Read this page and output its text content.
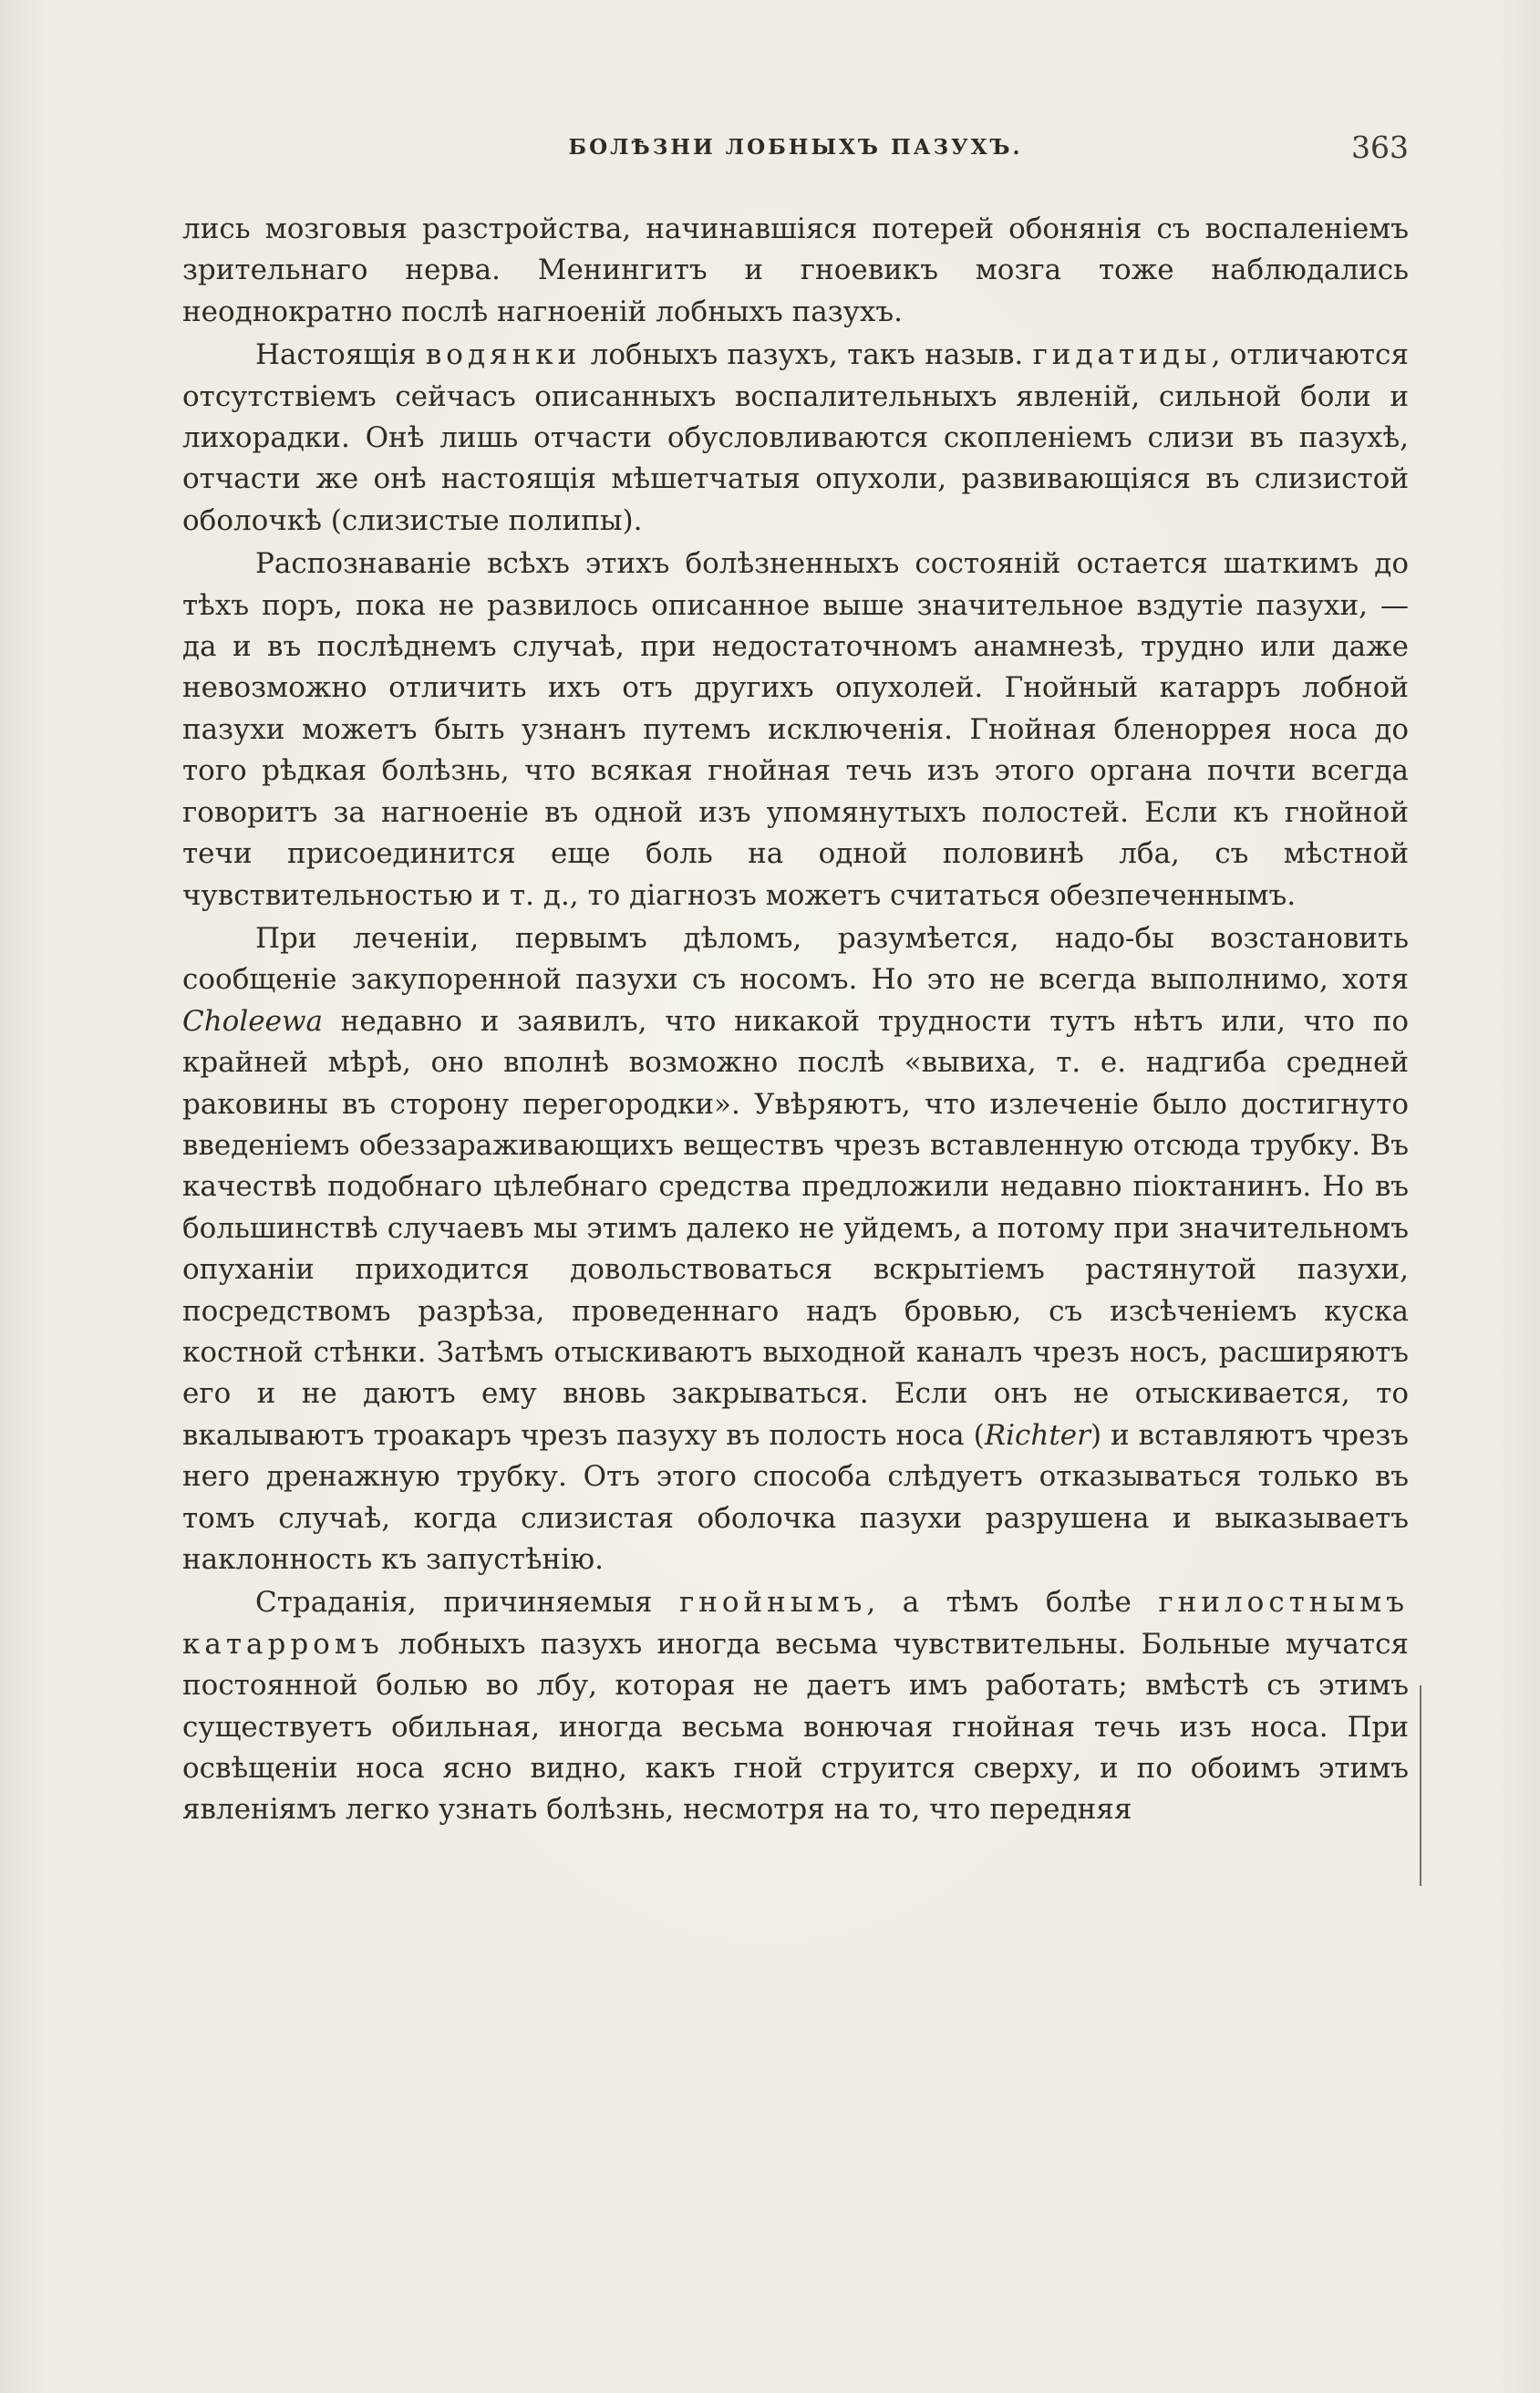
БОЛѢЗНИ ЛОБНЫХЪ ПАЗУХЪ.	363

лись мозговыя разстройства, начинавшіяся потерей обонянія съ воспаленіемъ зрительнаго нерва. Менингитъ и гноевикъ мозга тоже наблюдались неоднократно послѣ нагноеній лобныхъ пазухъ.

Настоящія водянки лобныхъ пазухъ, такъ назыв. гидатиды, отличаются отсутствіемъ сейчасъ описанныхъ воспалительныхъ явленій, сильной боли и лихорадки. Онѣ лишь отчасти обусловливаются скопленіемъ слизи въ пазухѣ, отчасти же онѣ настоящія мѣшетчатыя опухоли, развивающіяся въ слизистой оболочкѣ (слизистые полипы).

Распознаваніе всѣхъ этихъ болѣзненныхъ состояній остается шаткимъ до тѣхъ поръ, пока не развилось описанное выше значительное вздутіе пазухи, — да и въ послѣднемъ случаѣ, при недостаточномъ анамнезѣ, трудно или даже невозможно отличить ихъ отъ другихъ опухолей. Гнойный катарръ лобной пазухи можетъ быть узнанъ путемъ исключенія. Гнойная бленоррея носа до того рѣдкая болѣзнь, что всякая гнойная течь изъ этого органа почти всегда говоритъ за нагноеніе въ одной изъ упомянутыхъ полостей. Если къ гнойной течи присоединится еще боль на одной половинѣ лба, съ мѣстной чувствительностью и т. д., то діагнозъ можетъ считаться обезпеченнымъ.

При леченіи, первымъ дѣломъ, разумѣется, надо-бы возстановить сообщеніе закупоренной пазухи съ носомъ. Но это не всегда выполнимо, хотя Choleewa недавно и заявилъ, что никакой трудности тутъ нѣтъ или, что по крайней мѣрѣ, оно вполнѣ возможно послѣ «вывиха, т. е. надгиба средней раковины въ сторону перегородки». Увѣряютъ, что излеченіе было достигнуто введеніемъ обеззараживающихъ веществъ чрезъ вставленную отсюда трубку. Въ качествѣ подобнаго цѣлебнаго средства предложили недавно піоктанинъ. Но въ большинствѣ случаевъ мы этимъ далеко не уйдемъ, а потому при значительномъ опуханіи приходится довольствоваться вскрытіемъ растянутой пазухи, посредствомъ разрѣза, проведеннаго надъ бровью, съ изсѣченіемъ куска костной стѣнки. Затѣмъ отыскиваютъ выходной каналъ чрезъ носъ, расширяютъ его и не даютъ ему вновь закрываться. Если онъ не отыскивается, то вкалываютъ троакаръ чрезъ пазуху въ полость носа (Richter) и вставляютъ чрезъ него дренажную трубку. Отъ этого способа слѣдуетъ отказываться только въ томъ случаѣ, когда слизистая оболочка пазухи разрушена и выказываетъ наклонность къ запустѣнію.

Страданія, причиняемыя гнойнымъ, а тѣмъ болѣе гнилостнымъ катарромъ лобныхъ пазухъ иногда весьма чувствительны. Больные мучатся постоянной болью во лбу, которая не даетъ имъ работать; вмѣстѣ съ этимъ существуетъ обильная, иногда весьма вонючая гнойная течь изъ носа. При освѣщеніи носа ясно видно, какъ гной струится сверху, и по обоимъ этимъ явленіямъ легко узнать болѣзнь, несмотря на то, что передняя
